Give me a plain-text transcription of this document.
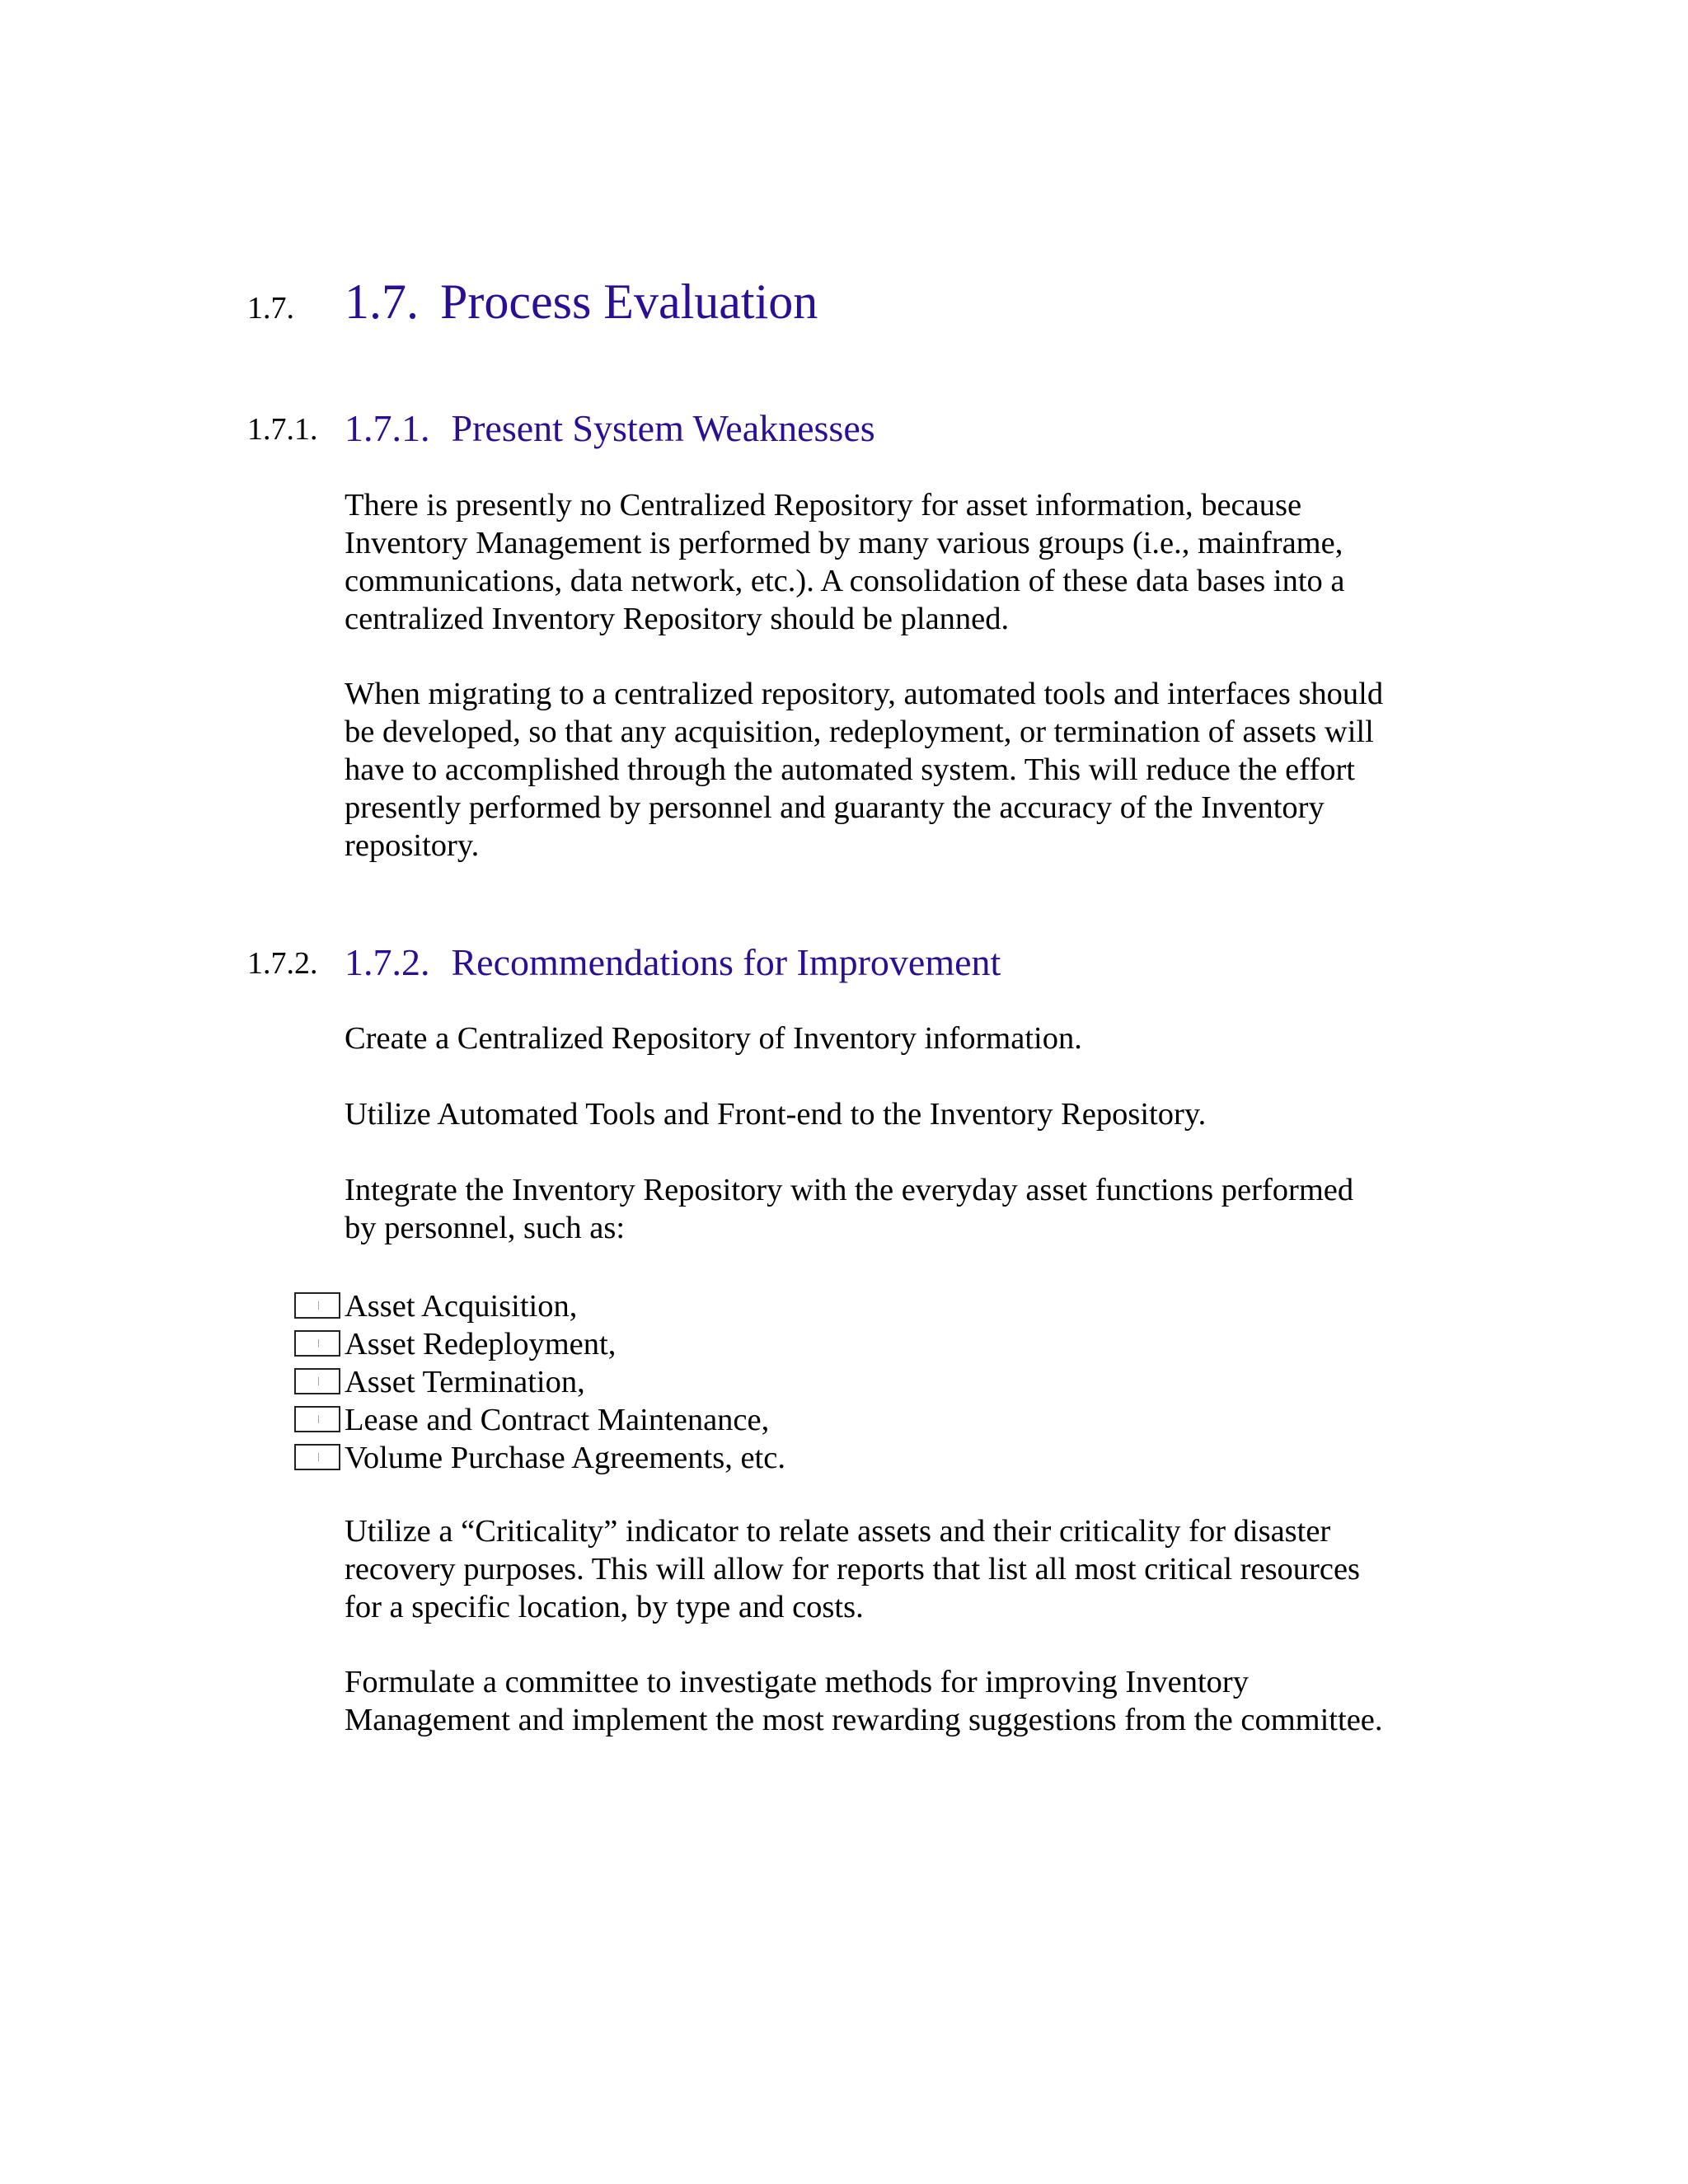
1.7. 1.7. Process Evaluation
1.7.1. 1.7.1. Present System Weaknesses

There is presently no Centralized Repository for asset information, because
Inventory Management is performed by many various groups (i.e., mainframe,
communications, data network, etc.). A consolidation of these data bases into a
centralized Inventory Repository should be planned.

When migrating to a centralized repository, automated tools and interfaces should
be developed, so that any acquisition, redeployment, or termination of assets will
have to accomplished through the automated system. This will reduce the effort
presently performed by personnel and guaranty the accuracy of the Inventory
repository.

1.7.2. 1.7.2. Recommendations for Improvement

Create a Centralized Repository of Inventory information.

Utilize Automated Tools and Front-end to the Inventory Repository.

Integrate the Inventory Repository with the everyday asset functions performed
by personnel, such as:

Asset Acquisition,
Asset Redeployment,
Asset Termination,
Lease and Contract Maintenance,
Volume Purchase Agreements, etc.

Utilize a “Criticality” indicator to relate assets and their criticality for disaster
recovery purposes. This will allow for reports that list all most critical resources
for a specific location, by type and costs.

Formulate a committee to investigate methods for improving Inventory
Management and implement the most rewarding suggestions from the committee.
